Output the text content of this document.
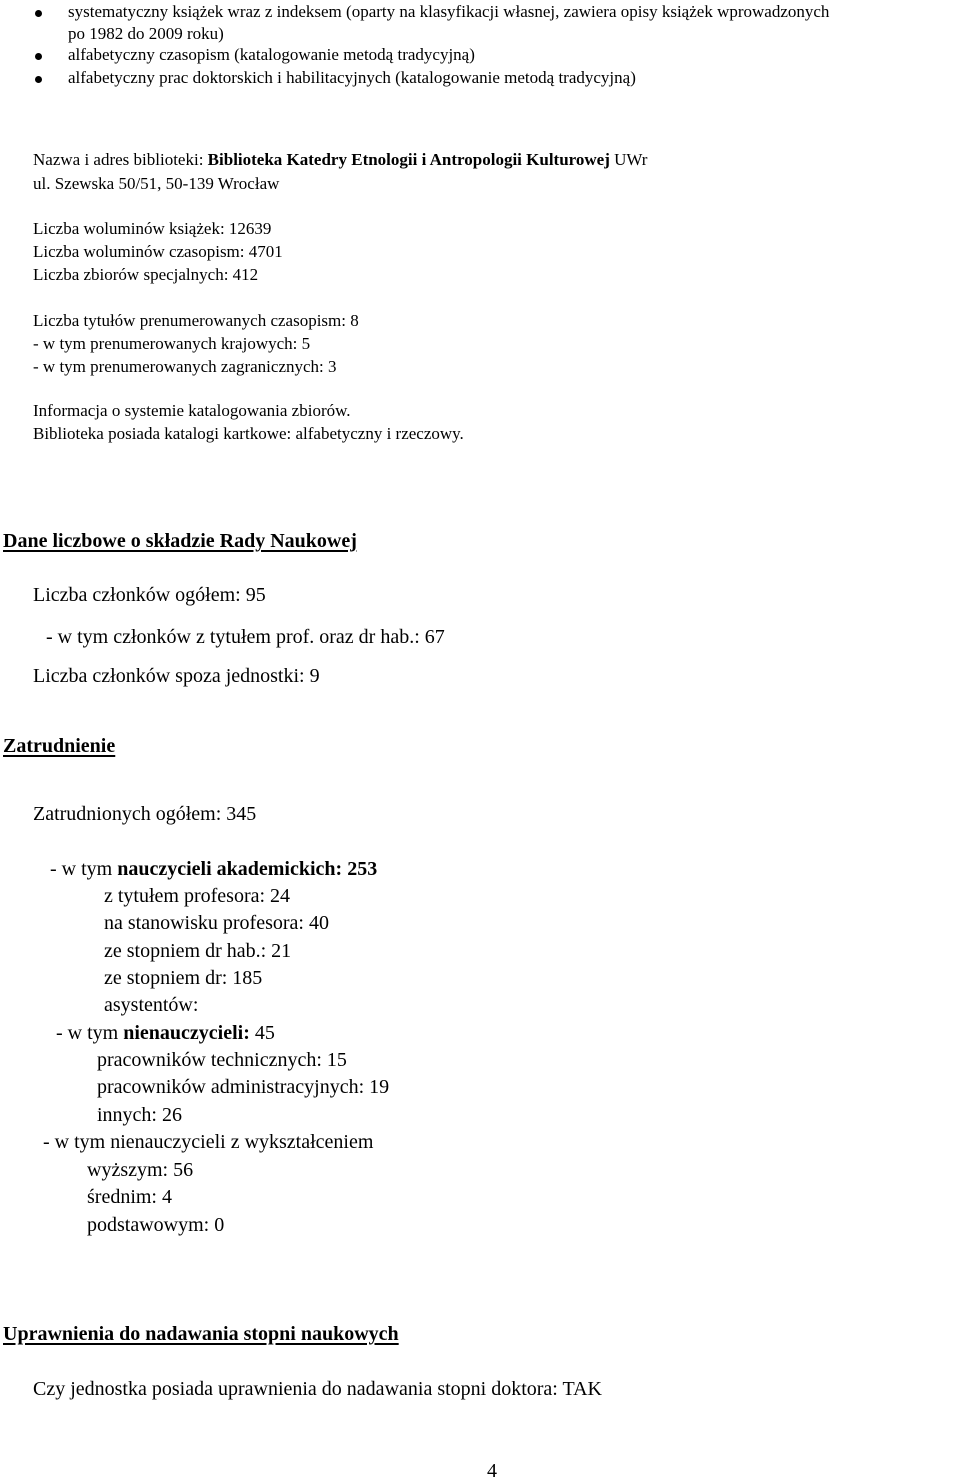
systematyczny książek wraz z indeksem (oparty na klasyfikacji własnej, zawiera opisy książek wprowadzonych
po 1982 do 2009 roku)
alfabetyczny czasopism (katalogowanie metodą tradycyjną)
alfabetyczny prac doktorskich i habilitacyjnych (katalogowanie metodą tradycyjną)
Nazwa i adres biblioteki: Biblioteka Katedry Etnologii i Antropologii Kulturowej UWr
ul. Szewska 50/51, 50-139 Wrocław
Liczba woluminów książek: 12639
Liczba woluminów czasopism: 4701
Liczba zbiorów specjalnych: 412
Liczba tytułów prenumerowanych czasopism: 8
- w tym prenumerowanych krajowych: 5
- w tym prenumerowanych zagranicznych: 3
Informacja o systemie katalogowania zbiorów.
Biblioteka posiada katalogi kartkowe: alfabetyczny i rzeczowy.
Dane liczbowe o składzie Rady Naukowej
Liczba członków ogółem: 95
- w tym członków z tytułem prof. oraz dr hab.: 67
Liczba członków spoza jednostki: 9
Zatrudnienie
Zatrudnionych ogółem: 345
- w tym nauczycieli akademickich: 253
z tytułem profesora: 24
na stanowisku profesora: 40
ze stopniem dr hab.: 21
ze stopniem dr: 185
asystentów:
- w tym nienauczycieli: 45
pracowników technicznych: 15
pracowników administracyjnych: 19
innych: 26
- w tym nienauczycieli z wykształceniem
wyższym: 56
średnim: 4
podstawowym: 0
Uprawnienia do nadawania stopni naukowych
Czy jednostka posiada uprawnienia do nadawania stopni doktora: TAK
4
